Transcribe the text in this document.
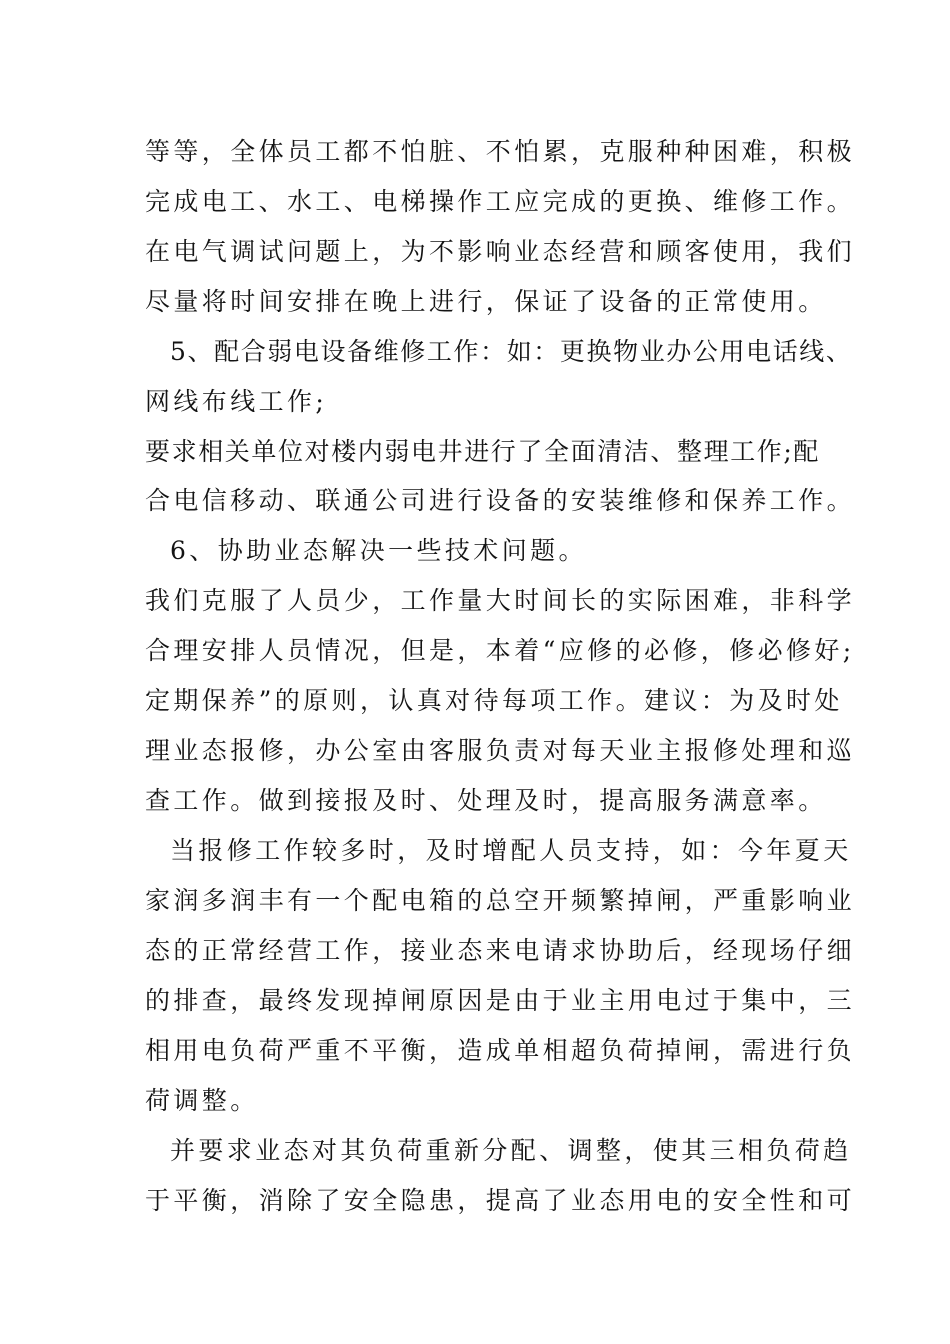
等等，全体员工都不怕脏、不怕累，克服种种困难，积极
完成电工、水工、电梯操作工应完成的更换、维修工作。
在电气调试问题上，为不影响业态经营和顾客使用，我们
尽量将时间安排在晚上进行，保证了设备的正常使用。
5、配合弱电设备维修工作：如：更换物业办公用电话线、
网线布线工作;
要求相关单位对楼内弱电井进行了全面清洁、整理工作;配
合电信移动、联通公司进行设备的安装维修和保养工作。
6、协助业态解决一些技术问题。
我们克服了人员少，工作量大时间长的实际困难，非科学
合理安排人员情况，但是，本着“应修的必修，修必修好;
定期保养”的原则，认真对待每项工作。建议：为及时处
理业态报修，办公室由客服负责对每天业主报修处理和巡
查工作。做到接报及时、处理及时，提高服务满意率。
当报修工作较多时，及时增配人员支持，如：今年夏天
家润多润丰有一个配电箱的总空开频繁掉闸，严重影响业
态的正常经营工作，接业态来电请求协助后，经现场仔细
的排查，最终发现掉闸原因是由于业主用电过于集中，三
相用电负荷严重不平衡，造成单相超负荷掉闸，需进行负
荷调整。
并要求业态对其负荷重新分配、调整，使其三相负荷趋
于平衡，消除了安全隐患，提高了业态用电的安全性和可
